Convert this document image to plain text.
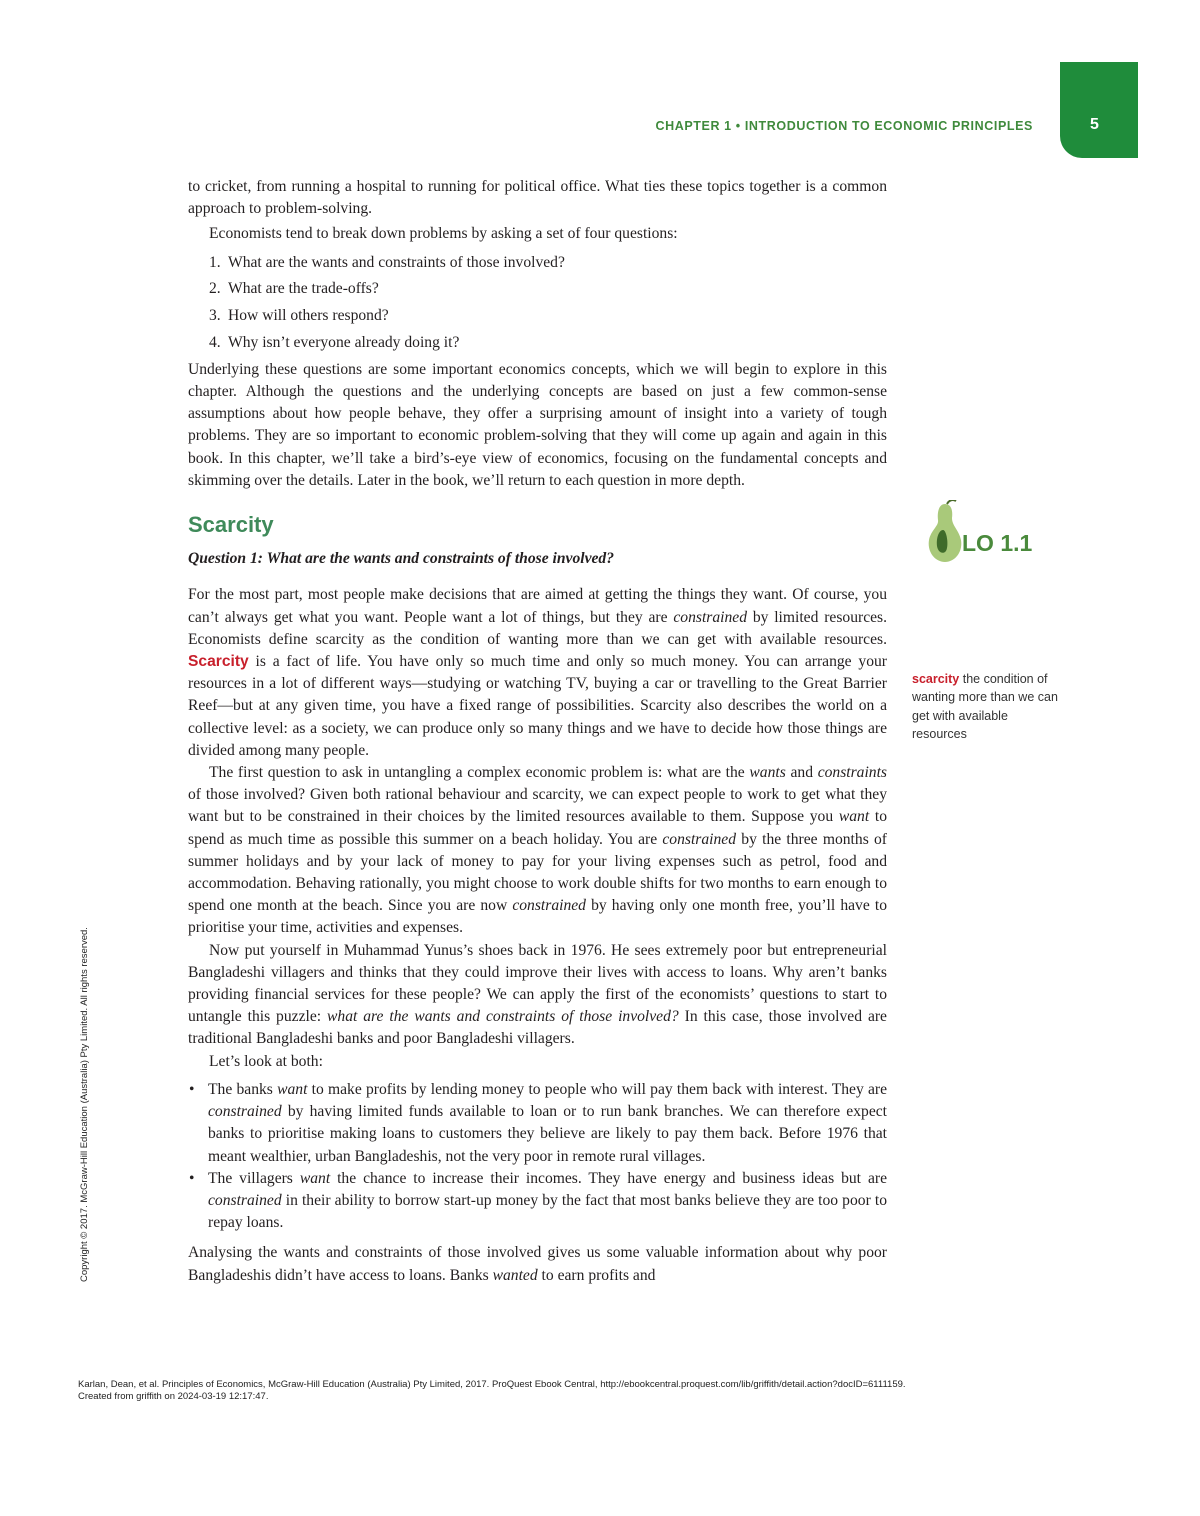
CHAPTER 1 • INTRODUCTION TO ECONOMIC PRINCIPLES	5

to cricket, from running a hospital to running for political office. What ties these topics together is a common approach to problem-solving.

Economists tend to break down problems by asking a set of four questions:

1. What are the wants and constraints of those involved?
2. What are the trade-offs?
3. How will others respond?
4. Why isn’t everyone already doing it?

Underlying these questions are some important economics concepts, which we will begin to explore in this chapter. Although the questions and the underlying concepts are based on just a few common-sense assumptions about how people behave, they offer a surprising amount of insight into a variety of tough problems. They are so important to economic problem-solving that they will come up again and again in this book. In this chapter, we’ll take a bird’s-eye view of economics, focusing on the fundamental concepts and skimming over the details. Later in the book, we’ll return to each question in more depth.

Scarcity

Question 1: What are the wants and constraints of those involved?

For the most part, most people make decisions that are aimed at getting the things they want. Of course, you can’t always get what you want. People want a lot of things, but they are constrained by limited resources. Economists define scarcity as the condition of wanting more than we can get with available resources. Scarcity is a fact of life. You have only so much time and only so much money. You can arrange your resources in a lot of different ways—studying or watching TV, buying a car or travelling to the Great Barrier Reef—but at any given time, you have a fixed range of possibilities. Scarcity also describes the world on a collective level: as a society, we can produce only so many things and we have to decide how those things are divided among many people.

The first question to ask in untangling a complex economic problem is: what are the wants and constraints of those involved? Given both rational behaviour and scarcity, we can expect people to work to get what they want but to be constrained in their choices by the limited resources available to them. Suppose you want to spend as much time as possible this summer on a beach holiday. You are constrained by the three months of summer holidays and by your lack of money to pay for your living expenses such as petrol, food and accommodation. Behaving rationally, you might choose to work double shifts for two months to earn enough to spend one month at the beach. Since you are now constrained by having only one month free, you’ll have to prioritise your time, activities and expenses.

Now put yourself in Muhammad Yunus’s shoes back in 1976. He sees extremely poor but entrepreneurial Bangladeshi villagers and thinks that they could improve their lives with access to loans. Why aren’t banks providing financial services for these people? We can apply the first of the economists’ questions to start to untangle this puzzle: what are the wants and constraints of those involved? In this case, those involved are traditional Bangladeshi banks and poor Bangladeshi villagers.

Let’s look at both:

• The banks want to make profits by lending money to people who will pay them back with interest. They are constrained by having limited funds available to loan or to run bank branches. We can therefore expect banks to prioritise making loans to customers they believe are likely to pay them back. Before 1976 that meant wealthier, urban Bangladeshis, not the very poor in remote rural villages.
• The villagers want the chance to increase their incomes. They have energy and business ideas but are constrained in their ability to borrow start-up money by the fact that most banks believe they are too poor to repay loans.

Analysing the wants and constraints of those involved gives us some valuable information about why poor Bangladeshis didn’t have access to loans. Banks wanted to earn profits and

LO 1.1
scarcity the condition of wanting more than we can get with available resources
Copyright © 2017. McGraw-Hill Education (Australia) Pty Limited. All rights reserved.
Karlan, Dean, et al. Principles of Economics, McGraw-Hill Education (Australia) Pty Limited, 2017. ProQuest Ebook Central, http://ebookcentral.proquest.com/lib/griffith/detail.action?docID=6111159.
Created from griffith on 2024-03-19 12:17:47.
